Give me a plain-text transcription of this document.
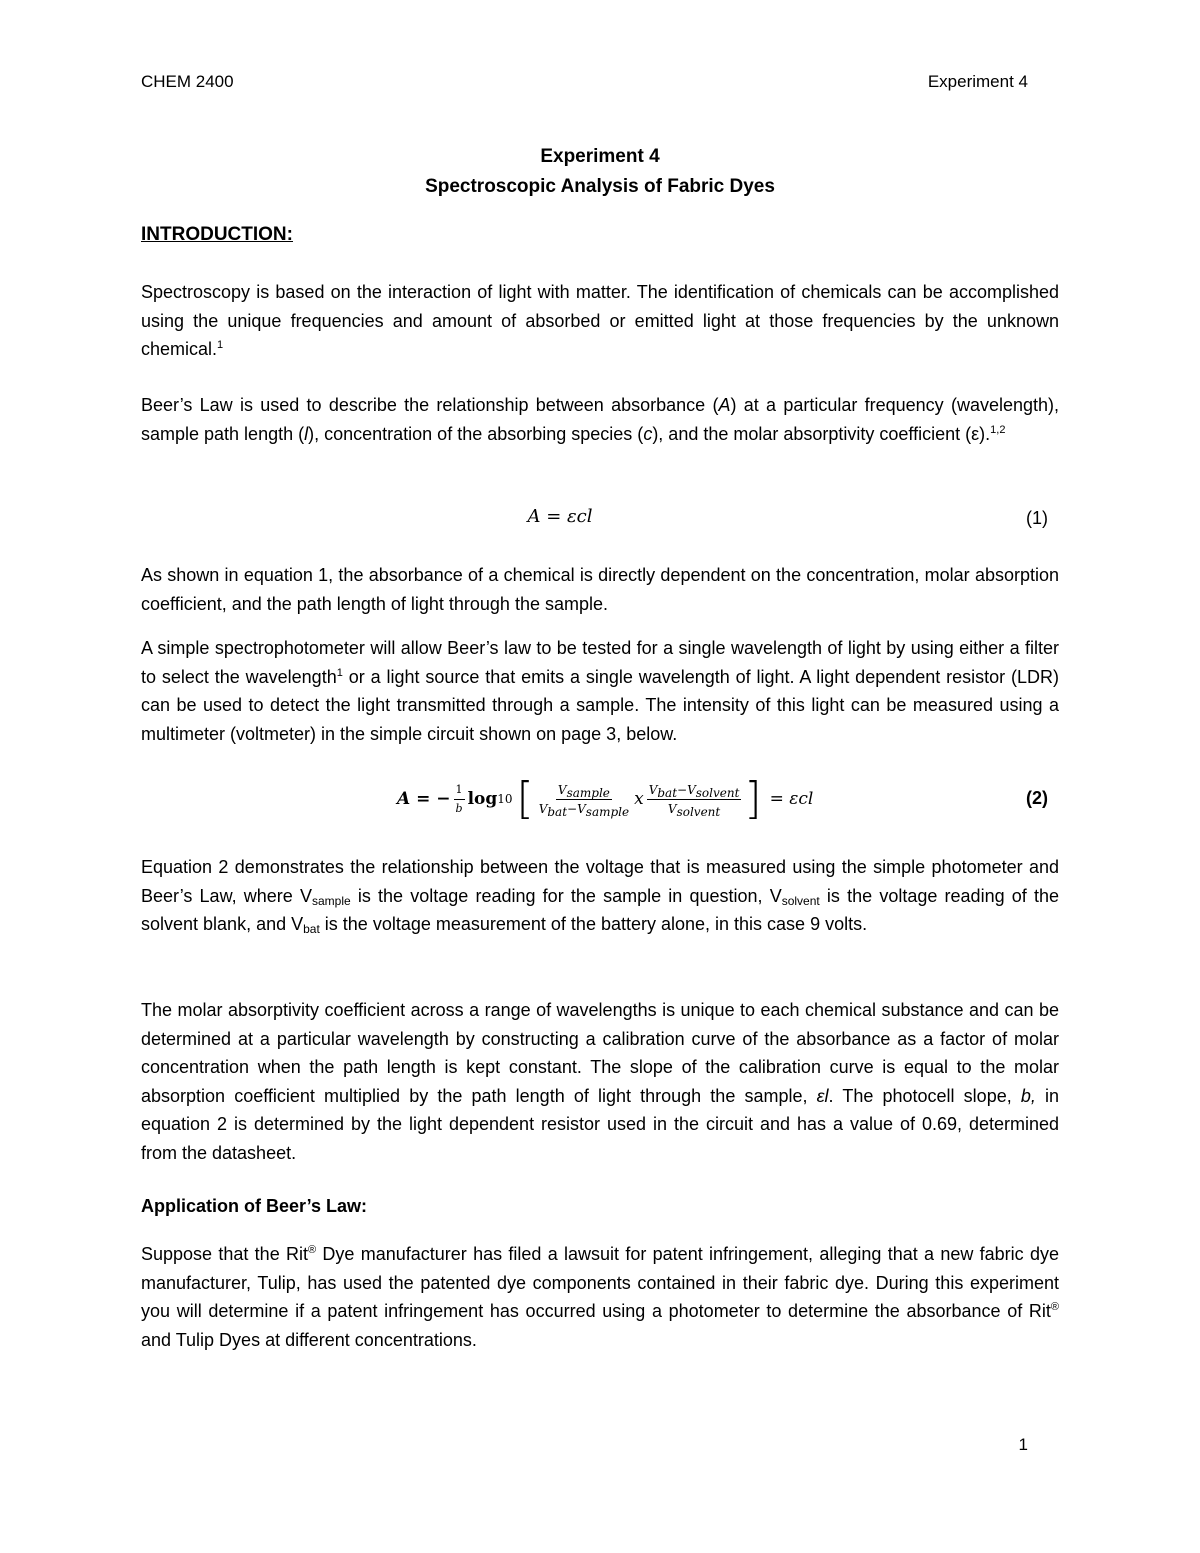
CHEM 2400	Experiment 4
Experiment 4
Spectroscopic Analysis of Fabric Dyes
INTRODUCTION:
Spectroscopy is based on the interaction of light with matter. The identification of chemicals can be accomplished using the unique frequencies and amount of absorbed or emitted light at those frequencies by the unknown chemical.$^1$
Beer’s Law is used to describe the relationship between absorbance (A) at a particular frequency (wavelength), sample path length (l), concentration of the absorbing species (c), and the molar absorptivity coefficient (ε).$^{1,2}$
A = εcl	(1)
As shown in equation 1, the absorbance of a chemical is directly dependent on the concentration, molar absorption coefficient, and the path length of light through the sample.
A simple spectrophotometer will allow Beer’s law to be tested for a single wavelength of light by using either a filter to select the wavelength$^1$ or a light source that emits a single wavelength of light. A light dependent resistor (LDR) can be used to detect the light transmitted through a sample. The intensity of this light can be measured using a multimeter (voltmeter) in the simple circuit shown on page 3, below.
A = − $\frac{1}{b}$ log 10 [ $\frac{V_{sample}}{V_{bat}-V_{sample}}$ x $\frac{V_{bat}-V_{solvent}}{V_{solvent}}$ ] = εcl	(2)
Equation 2 demonstrates the relationship between the voltage that is measured using the simple photometer and Beer’s Law, where $V_{sample}$ is the voltage reading for the sample in question, $V_{solvent}$ is the voltage reading of the solvent blank, and $V_{bat}$ is the voltage measurement of the battery alone, in this case 9 volts.
The molar absorptivity coefficient across a range of wavelengths is unique to each chemical substance and can be determined at a particular wavelength by constructing a calibration curve of the absorbance as a factor of molar concentration when the path length is kept constant. The slope of the calibration curve is equal to the molar absorption coefficient multiplied by the path length of light through the sample, εl. The photocell slope, b, in equation 2 is determined by the light dependent resistor used in the circuit and has a value of 0.69, determined from the datasheet.
Application of Beer’s Law:
Suppose that the Rit® Dye manufacturer has filed a lawsuit for patent infringement, alleging that a new fabric dye manufacturer, Tulip, has used the patented dye components contained in their fabric dye. During this experiment you will determine if a patent infringement has occurred using a photometer to determine the absorbance of Rit® and Tulip Dyes at different concentrations.
1
